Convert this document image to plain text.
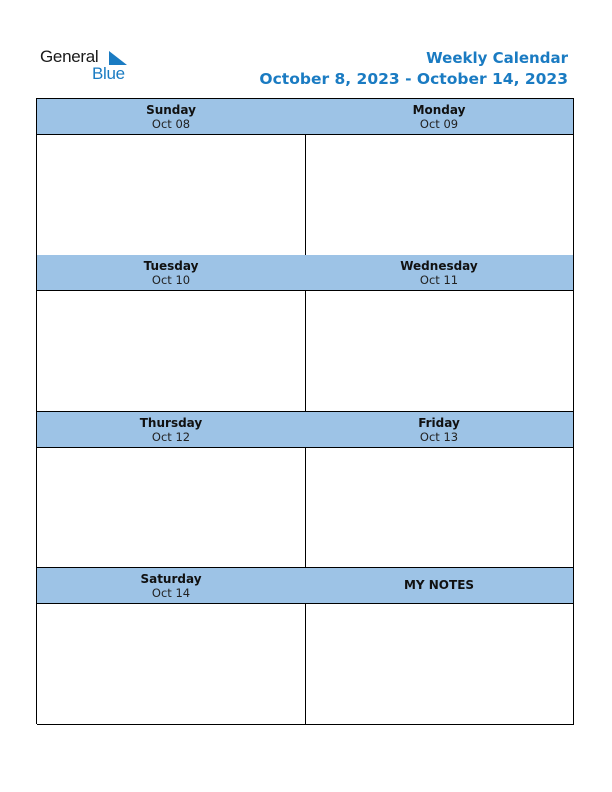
General
Blue
Weekly Calendar
October 8, 2023 - October 14, 2023
Sunday
Oct 08
Monday
Oct 09
Tuesday
Oct 10
Wednesday
Oct 11
Thursday
Oct 12
Friday
Oct 13
Saturday
Oct 14
MY NOTES
